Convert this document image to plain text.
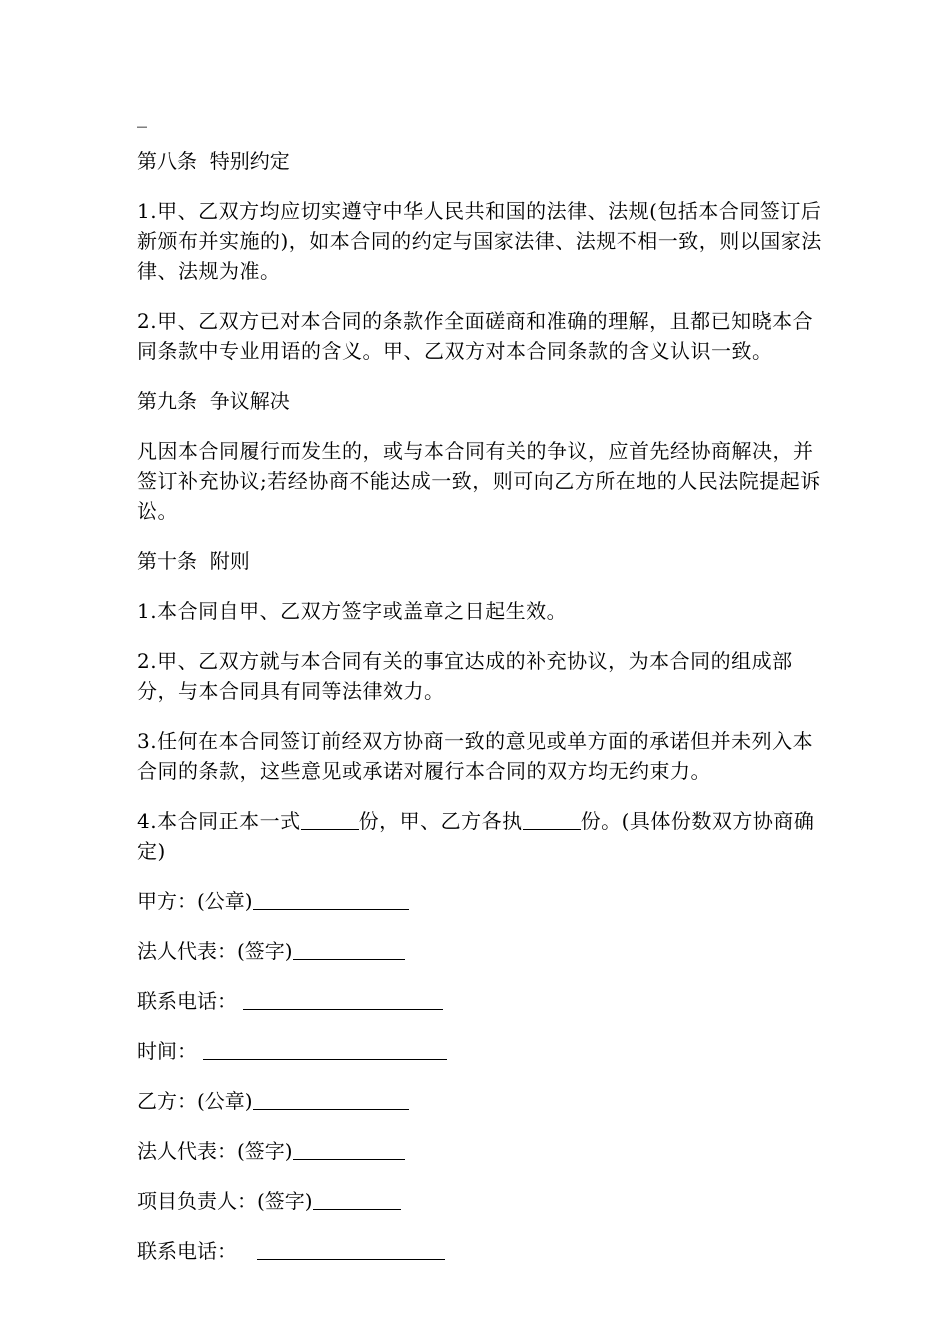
_
第八条  特别约定

1.甲、乙双方均应切实遵守中华人民共和国的法律、法规(包括本合同签订后新颁布并实施的)，如本合同的约定与国家法律、法规不相一致，则以国家法律、法规为准。

2.甲、乙双方已对本合同的条款作全面磋商和准确的理解，且都已知晓本合同条款中专业用语的含义。甲、乙双方对本合同条款的含义认识一致。

第九条  争议解决

凡因本合同履行而发生的，或与本合同有关的争议，应首先经协商解决，并签订补充协议;若经协商不能达成一致，则可向乙方所在地的人民法院提起诉讼。

第十条  附则

1.本合同自甲、乙双方签字或盖章之日起生效。

2.甲、乙双方就与本合同有关的事宜达成的补充协议，为本合同的组成部分，与本合同具有同等法律效力。

3.任何在本合同签订前经双方协商一致的意见或单方面的承诺但并未列入本合同的条款，这些意见或承诺对履行本合同的双方均无约束力。

4.本合同正本一式	份，甲、乙方各执	份。(具体份数双方协商确定)

甲方：(公章)
法人代表：(签字)
联系电话：
时间：
乙方：(公章)
法人代表：(签字)
项目负责人：(签字)
联系电话：
